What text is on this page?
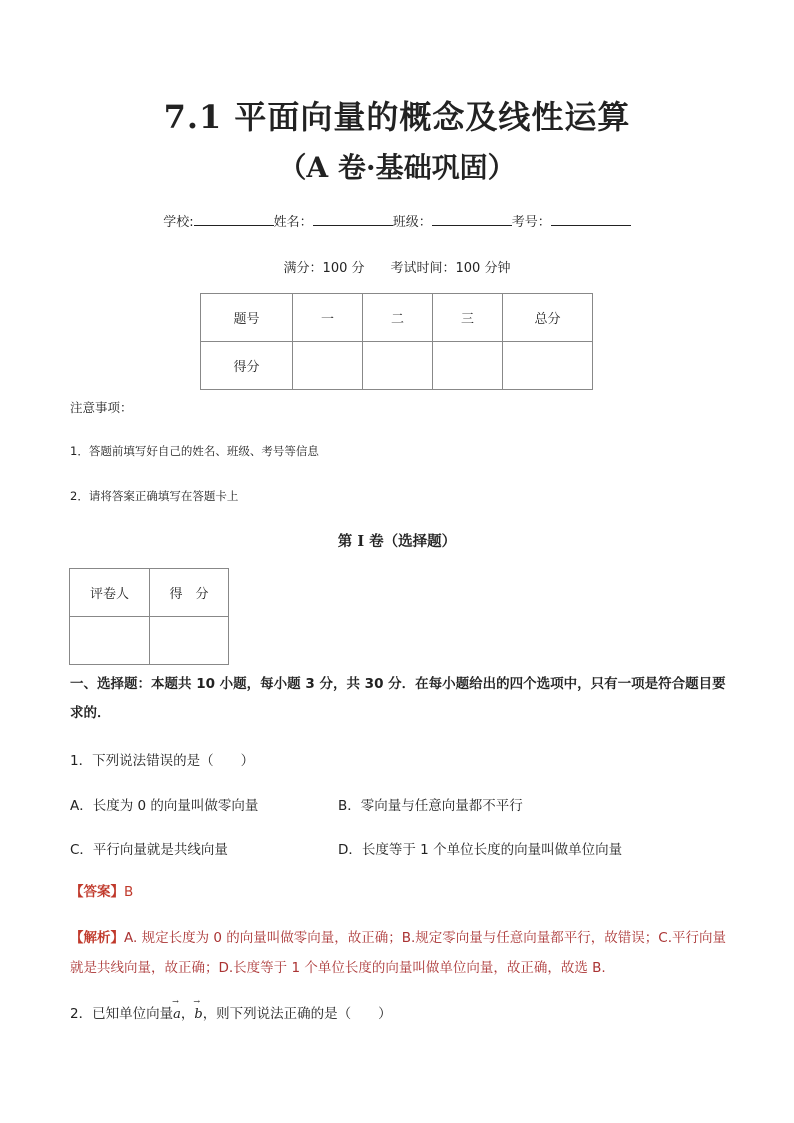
7.1 平面向量的概念及线性运算
（A 卷·基础巩固）
学校:	姓名：	班级：	考号：
满分：100 分 考试时间：100 分钟
题号	一	二	三	总分
得分				
注意事项：
1．答题前填写好自己的姓名、班级、考号等信息
2．请将答案正确填写在答题卡上
第 I 卷（选择题）
评卷人	得　分

一、选择题：本题共 10 小题，每小题 3 分，共 30 分．在每小题给出的四个选项中，只有一项是符合题目要求的．
1．下列说法错误的是（　　）
A．长度为 0 的向量叫做零向量	B．零向量与任意向量都不平行
C．平行向量就是共线向量	D．长度等于 1 个单位长度的向量叫做单位向量
【答案】B
【解析】A. 规定长度为 0 的向量叫做零向量，故正确；B.规定零向量与任意向量都平行，故错误；C.平行向量就是共线向量，故正确；D.长度等于 1 个单位长度的向量叫做单位向量，故正确，故选 B.
2．已知单位向量→ a，→ b，则下列说法正确的是（　　）
